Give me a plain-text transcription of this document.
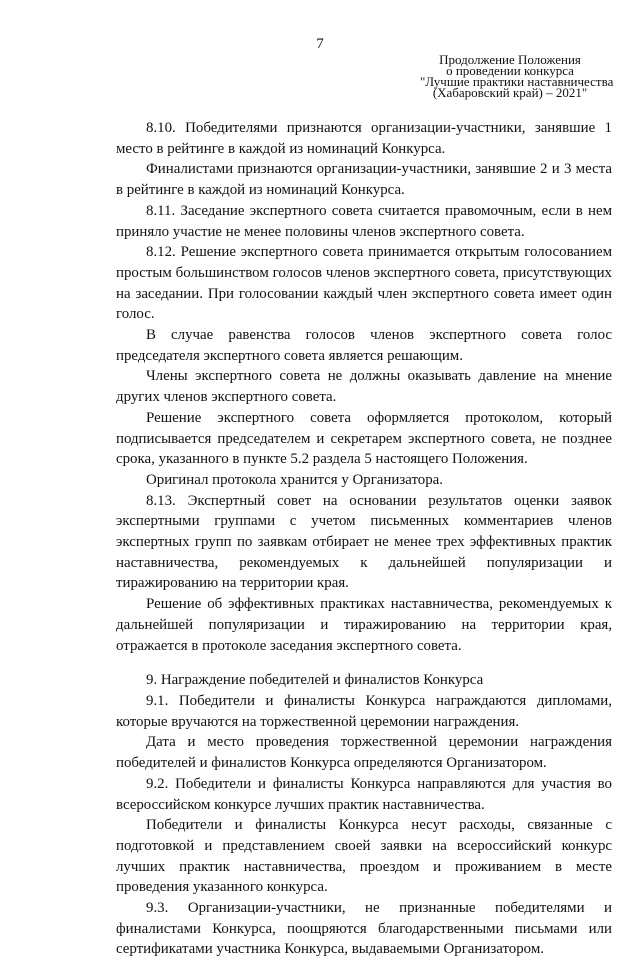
7
Продолжение Положения
о проведении конкурса
"Лучшие практики наставничества
(Хабаровский край) – 2021"

8.10. Победителями признаются организации-участники, занявшие 1 место в рейтинге в каждой из номинаций Конкурса.

Финалистами признаются организации-участники, занявшие 2 и 3 места в рейтинге в каждой из номинаций Конкурса.

8.11. Заседание экспертного совета считается правомочным, если в нем приняло участие не менее половины членов экспертного совета.

8.12. Решение экспертного совета принимается открытым голосованием простым большинством голосов членов экспертного совета, присутствующих на заседании. При голосовании каждый член экспертного совета имеет один голос.

В случае равенства голосов членов экспертного совета голос председателя экспертного совета является решающим.

Члены экспертного совета не должны оказывать давление на мнение других членов экспертного совета.

Решение экспертного совета оформляется протоколом, который подписывается председателем и секретарем экспертного совета, не позднее срока, указанного в пункте 5.2 раздела 5 настоящего Положения.

Оригинал протокола хранится у Организатора.

8.13. Экспертный совет на основании результатов оценки заявок экспертными группами с учетом письменных комментариев членов экспертных групп по заявкам отбирает не менее трех эффективных практик наставничества, рекомендуемых к дальнейшей популяризации и тиражированию на территории края.

Решение об эффективных практиках наставничества, рекомендуемых к дальнейшей популяризации и тиражированию на территории края, отражается в протоколе заседания экспертного совета.

9. Награждение победителей и финалистов Конкурса

9.1. Победители и финалисты Конкурса награждаются дипломами, которые вручаются на торжественной церемонии награждения.

Дата и место проведения торжественной церемонии награждения победителей и финалистов Конкурса определяются Организатором.

9.2. Победители и финалисты Конкурса направляются для участия во всероссийском конкурсе лучших практик наставничества.

Победители и финалисты Конкурса несут расходы, связанные с подготовкой и представлением своей заявки на всероссийский конкурс лучших практик наставничества, проездом и проживанием в месте проведения указанного конкурса.

9.3. Организации-участники, не признанные победителями и финалистами Конкурса, поощряются благодарственными письмами или сертификатами участника Конкурса, выдаваемыми Организатором.
